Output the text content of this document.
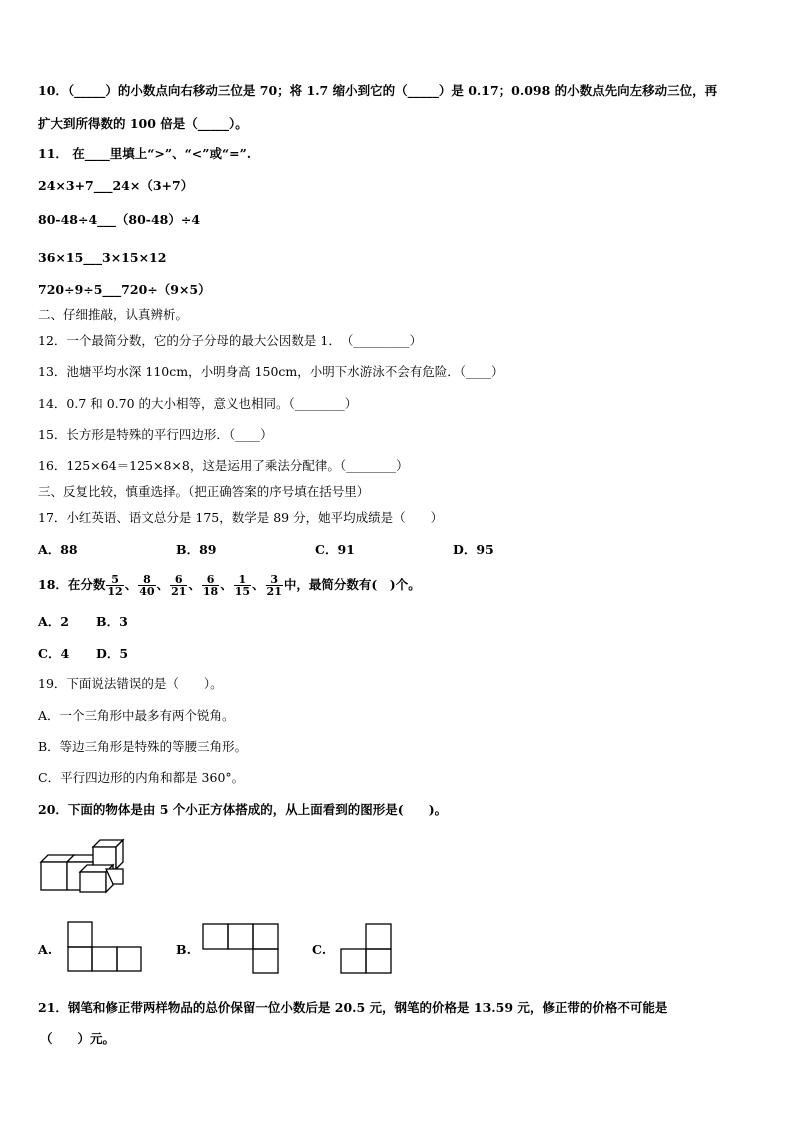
10．（_____）的小数点向右移动三位是 70；将 1.7 缩小到它的（_____）是 0.17；0.098 的小数点先向左移动三位，再
扩大到所得数的 100 倍是（_____）。
11． 在____里填上“>”、“<”或“=”.
24×3+7___24×（3+7）
80-48÷4___（80-48）÷4
36×15___3×15×12
720÷9÷5___720÷（9×5）
二、仔细推敲，认真辨析。
12．一个最简分数，它的分子分母的最大公因数是 1．　（_________）
13．池塘平均水深 110cm，小明身高 150cm，小明下水游泳不会有危险．（____）
14．0.7 和 0.70 的大小相等，意义也相同。（________）
15．长方形是特殊的平行四边形．（____）
16．125×64＝125×8×8，这是运用了乘法分配律。（________）
三、反复比较，慎重选择。（把正确答案的序号填在括号里）
17．小红英语、语文总分是 175，数学是 89 分，她平均成绩是（　　）
A．88	B．89	C．91	D．95
18．在分数 $\frac{5}{12}$ 、 $\frac{8}{40}$ 、 $\frac{6}{21}$ 、 $\frac{6}{18}$ 、 $\frac{1}{15}$ 、 $\frac{3}{21}$ 中，最简分数有(　)个。
A．2 B．3
C．4 D．5
19．下面说法错误的是（　　）。
A．一个三角形中最多有两个锐角。
B．等边三角形是特殊的等腰三角形。
C．平行四边形的内角和都是 360°。
20．下面的物体是由 5 个小正方体搭成的，从上面看到的图形是(　　)。
A.	B.	C.
21．钢笔和修正带两样物品的总价保留一位小数后是 20.5 元，钢笔的价格是 13.59 元，修正带的价格不可能是
（　　）元。
